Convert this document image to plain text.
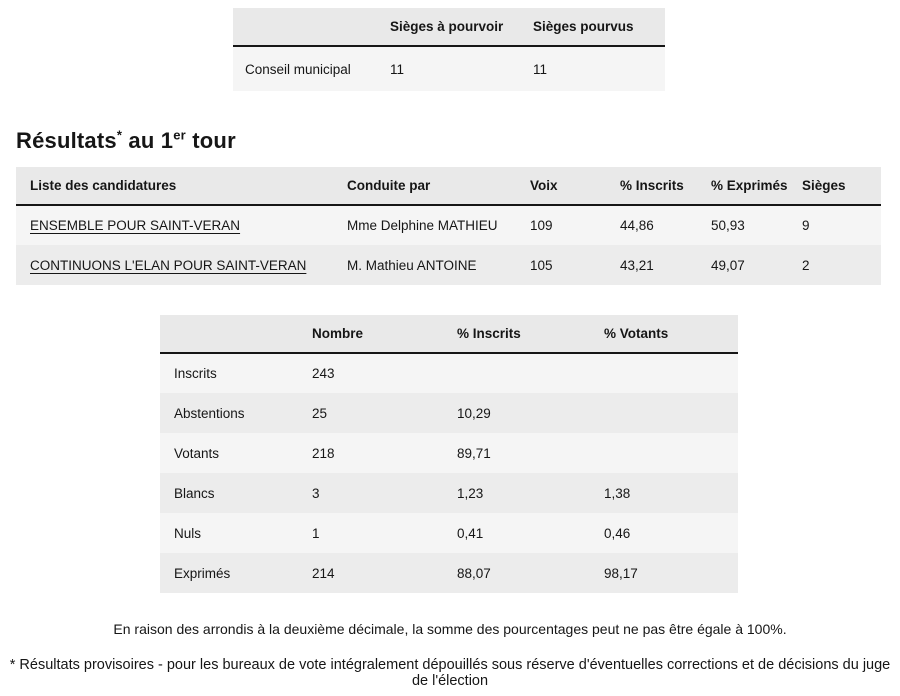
	Sièges à pourvoir	Sièges pourvus
Conseil municipal	11	11
Résultats* au 1er tour
Liste des candidatures	Conduite par	Voix	% Inscrits	% Exprimés	Sièges
ENSEMBLE POUR SAINT-VERAN	Mme Delphine MATHIEU	109	44,86	50,93	9
CONTINUONS L'ELAN POUR SAINT-VERAN	M. Mathieu ANTOINE	105	43,21	49,07	2
	Nombre	% Inscrits	% Votants
Inscrits	243		
Abstentions	25	10,29	
Votants	218	89,71	
Blancs	3	1,23	1,38
Nuls	1	0,41	0,46
Exprimés	214	88,07	98,17

En raison des arrondis à la deuxième décimale, la somme des pourcentages peut ne pas être égale à 100%.

* Résultats provisoires - pour les bureaux de vote intégralement dépouillés sous réserve d'éventuelles corrections et de décisions du juge de l'élection
